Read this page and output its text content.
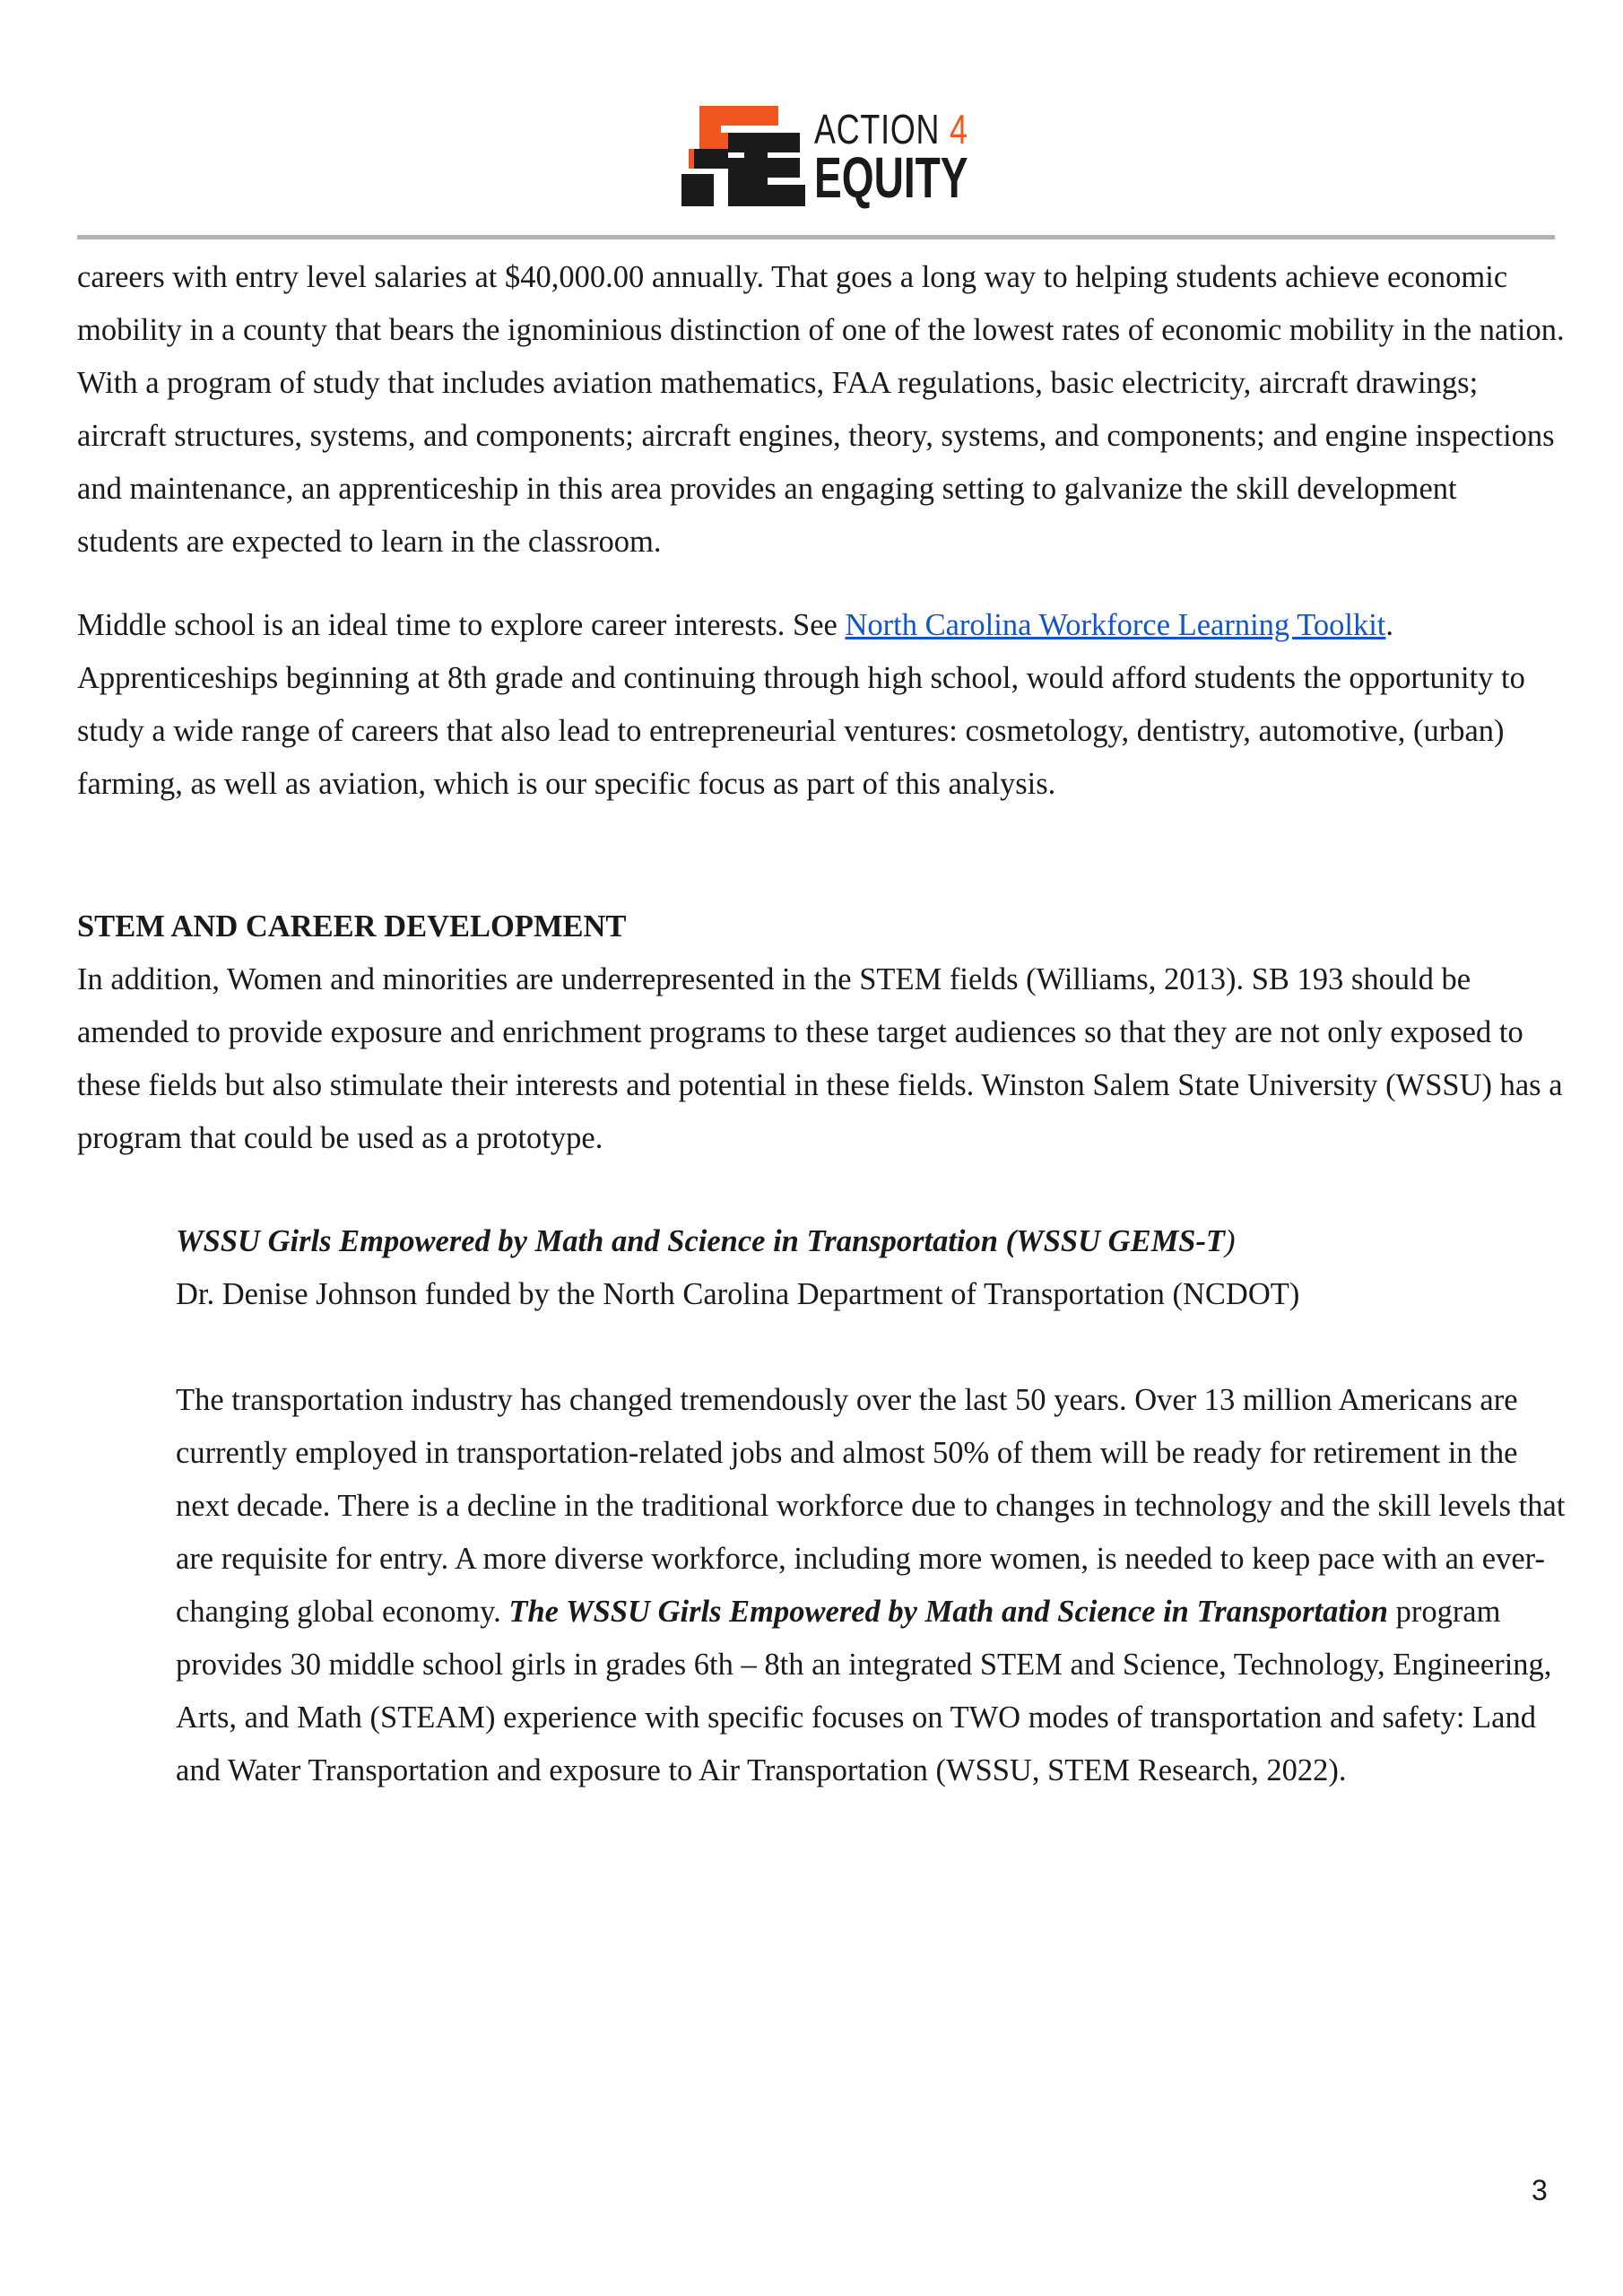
ACTION 4
EQUITY

careers with entry level salaries at $40,000.00 annually. That goes a long way to helping students achieve economic mobility in a county that bears the ignominious distinction of one of the lowest rates of economic mobility in the nation. With a program of study that includes aviation mathematics, FAA regulations, basic electricity, aircraft drawings; aircraft structures, systems, and components; aircraft engines, theory, systems, and components; and engine inspections and maintenance, an apprenticeship in this area provides an engaging setting to galvanize the skill development students are expected to learn in the classroom.

Middle school is an ideal time to explore career interests. See North Carolina Workforce Learning Toolkit. Apprenticeships beginning at 8th grade and continuing through high school, would afford students the opportunity to study a wide range of careers that also lead to entrepreneurial ventures: cosmetology, dentistry, automotive, (urban) farming, as well as aviation, which is our specific focus as part of this analysis.

STEM AND CAREER DEVELOPMENT

In addition, Women and minorities are underrepresented in the STEM fields (Williams, 2013). SB 193 should be amended to provide exposure and enrichment programs to these target audiences so that they are not only exposed to these fields but also stimulate their interests and potential in these fields. Winston Salem State University (WSSU) has a program that could be used as a prototype.

WSSU Girls Empowered by Math and Science in Transportation (WSSU GEMS-T)

Dr. Denise Johnson funded by the North Carolina Department of Transportation (NCDOT)

The transportation industry has changed tremendously over the last 50 years. Over 13 million Americans are currently employed in transportation-related jobs and almost 50% of them will be ready for retirement in the next decade. There is a decline in the traditional workforce due to changes in technology and the skill levels that are requisite for entry. A more diverse workforce, including more women, is needed to keep pace with an ever-changing global economy. The WSSU Girls Empowered by Math and Science in Transportation program provides 30 middle school girls in grades 6th – 8th an integrated STEM and Science, Technology, Engineering, Arts, and Math (STEAM) experience with specific focuses on TWO modes of transportation and safety: Land and Water Transportation and exposure to Air Transportation (WSSU, STEM Research, 2022).

3
